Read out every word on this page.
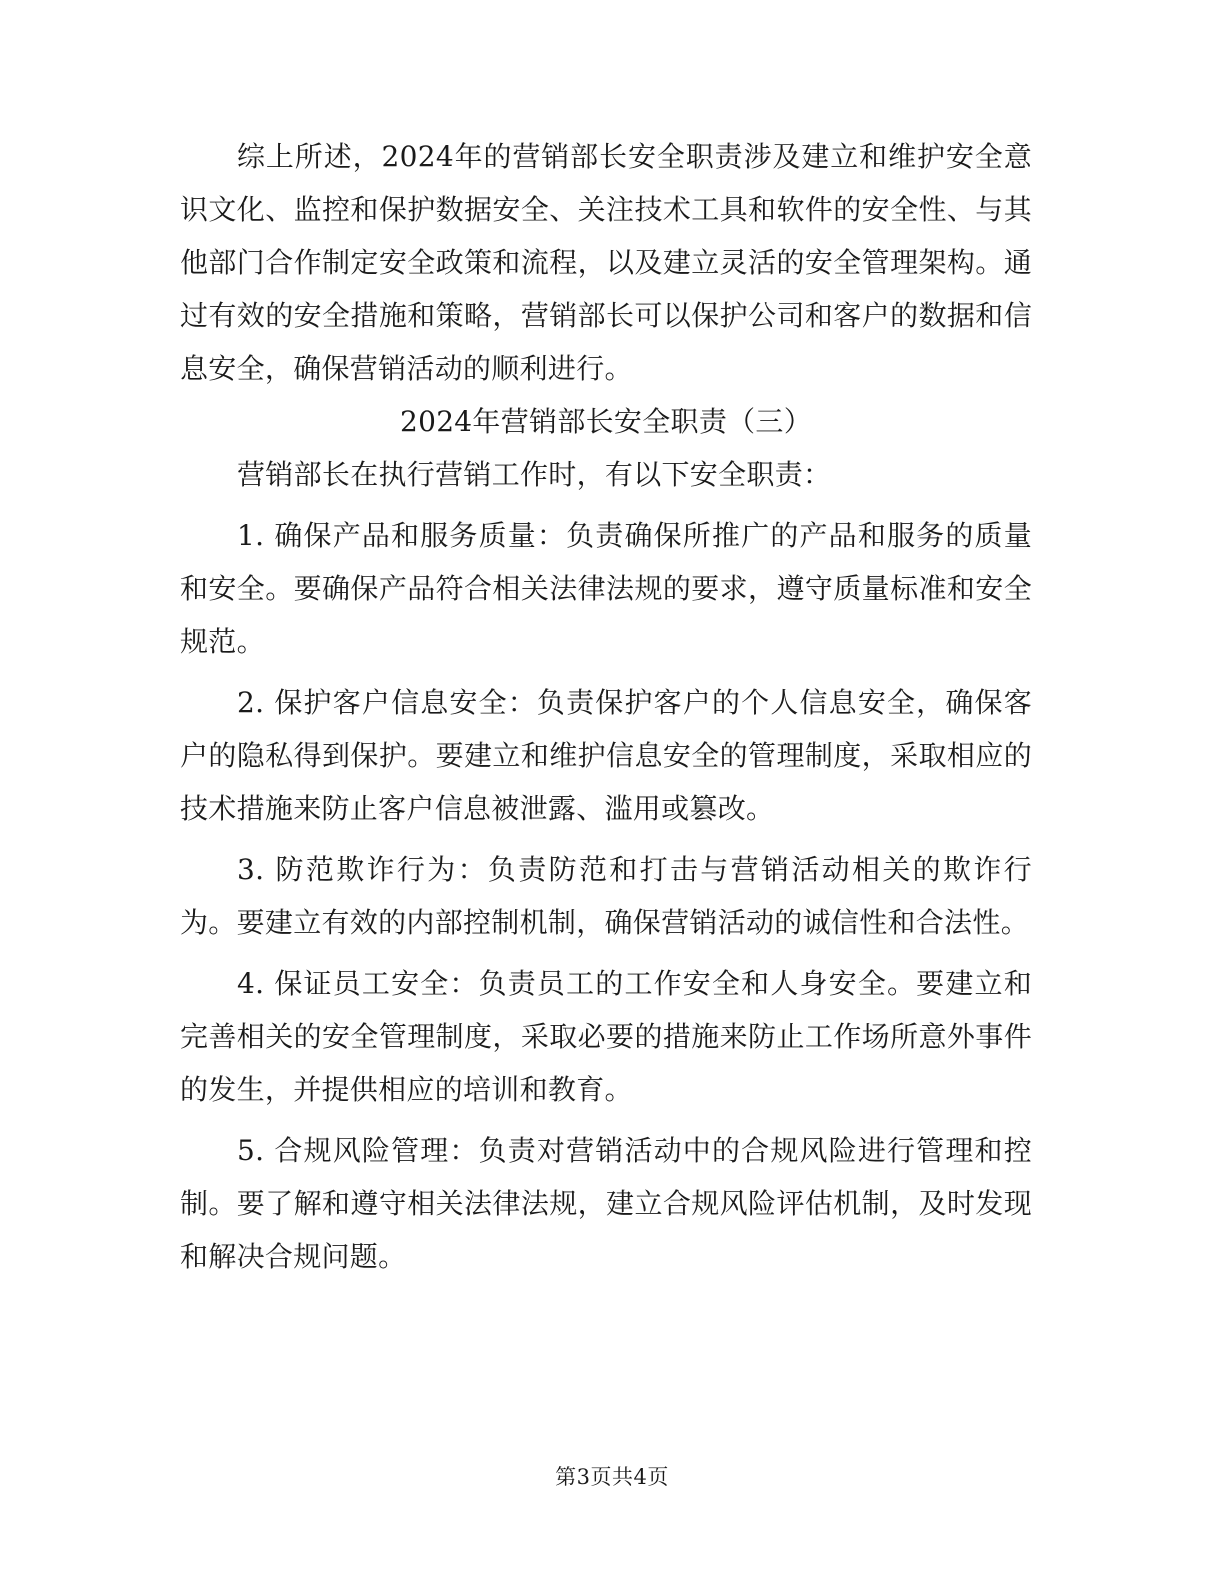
综上所述，2024年的营销部长安全职责涉及建立和维护安全意识文化、监控和保护数据安全、关注技术工具和软件的安全性、与其他部门合作制定安全政策和流程，以及建立灵活的安全管理架构。通过有效的安全措施和策略，营销部长可以保护公司和客户的数据和信息安全，确保营销活动的顺利进行。

2024年营销部长安全职责（三）

营销部长在执行营销工作时，有以下安全职责：

1. 确保产品和服务质量：负责确保所推广的产品和服务的质量和安全。要确保产品符合相关法律法规的要求，遵守质量标准和安全规范。

2. 保护客户信息安全：负责保护客户的个人信息安全，确保客户的隐私得到保护。要建立和维护信息安全的管理制度，采取相应的技术措施来防止客户信息被泄露、滥用或篡改。

3. 防范欺诈行为：负责防范和打击与营销活动相关的欺诈行为。要建立有效的内部控制机制，确保营销活动的诚信性和合法性。

4. 保证员工安全：负责员工的工作安全和人身安全。要建立和完善相关的安全管理制度，采取必要的措施来防止工作场所意外事件的发生，并提供相应的培训和教育。

5. 合规风险管理：负责对营销活动中的合规风险进行管理和控制。要了解和遵守相关法律法规，建立合规风险评估机制，及时发现和解决合规问题。

第3页共4页
